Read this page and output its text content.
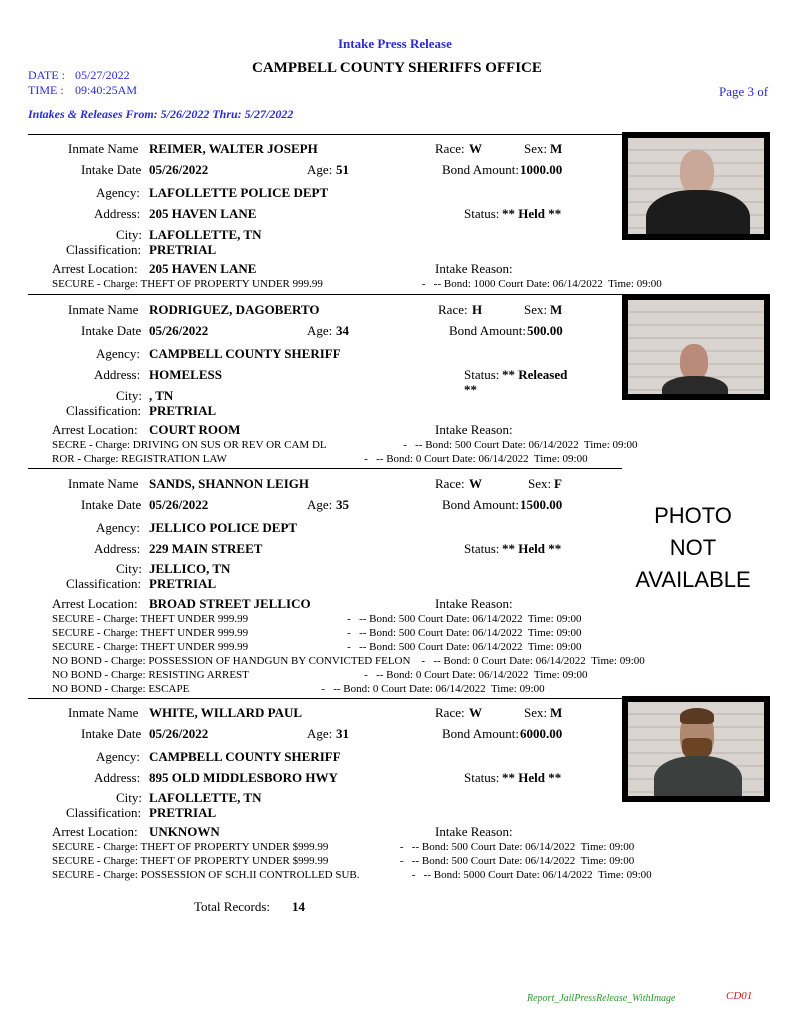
Intake Press Release
CAMPBELL COUNTY SHERIFFS OFFICE
DATE : 05/27/2022
TIME : 09:40:25AM	Page 3 of
Intakes & Releases From: 5/26/2022 Thru: 5/27/2022
Inmate Name REIMER, WALTER JOSEPH	Race: W	Sex: M
Intake Date 05/26/2022	Age: 51	Bond Amount: 1000.00
Agency: LAFOLLETTE POLICE DEPT
Address: 205 HAVEN LANE	Status: ** Held **
City: LAFOLLETTE, TN
Classification: PRETRIAL
Arrest Location: 205 HAVEN LANE	Intake Reason:
SECURE - Charge: THEFT OF PROPERTY UNDER 999.99                                    -   -- Bond: 1000 Court Date: 06/14/2022  Time: 09:00
Inmate Name RODRIGUEZ, DAGOBERTO	Race: H	Sex: M
Intake Date 05/26/2022	Age: 34	Bond Amount: 500.00
Agency: CAMPBELL COUNTY SHERIFF
Address: HOMELESS	Status: ** Released
**
City: , TN
Classification: PRETRIAL
Arrest Location: COURT ROOM	Intake Reason:
SECRE - Charge: DRIVING ON SUS OR REV OR CAM DL                            -   -- Bond: 500 Court Date: 06/14/2022  Time: 09:00
ROR - Charge: REGISTRATION LAW                                                  -   -- Bond: 0 Court Date: 06/14/2022  Time: 09:00
Inmate Name SANDS, SHANNON LEIGH	Race: W	Sex: F
Intake Date 05/26/2022	Age: 35	Bond Amount: 1500.00
Agency: JELLICO POLICE DEPT
Address: 229 MAIN STREET	Status: ** Held **
City: JELLICO, TN
Classification: PRETRIAL
Arrest Location: BROAD STREET JELLICO	Intake Reason:
SECURE - Charge: THEFT UNDER 999.99                                    -   -- Bond: 500 Court Date: 06/14/2022  Time: 09:00
SECURE - Charge: THEFT UNDER 999.99                                    -   -- Bond: 500 Court Date: 06/14/2022  Time: 09:00
SECURE - Charge: THEFT UNDER 999.99                                    -   -- Bond: 500 Court Date: 06/14/2022  Time: 09:00
NO BOND - Charge: POSSESSION OF HANDGUN BY CONVICTED FELON    -   -- Bond: 0 Court Date: 06/14/2022  Time: 09:00
NO BOND - Charge: RESISTING ARREST                                          -   -- Bond: 0 Court Date: 06/14/2022  Time: 09:00
NO BOND - Charge: ESCAPE                                                -   -- Bond: 0 Court Date: 06/14/2022  Time: 09:00
PHOTO
NOT
AVAILABLE
Inmate Name WHITE, WILLARD PAUL	Race: W	Sex: M
Intake Date 05/26/2022	Age: 31	Bond Amount: 6000.00
Agency: CAMPBELL COUNTY SHERIFF
Address: 895 OLD MIDDLESBORO HWY	Status: ** Held **
City: LAFOLLETTE, TN
Classification: PRETRIAL
Arrest Location: UNKNOWN	Intake Reason:
SECURE - Charge: THEFT OF PROPERTY UNDER $999.99                          -   -- Bond: 500 Court Date: 06/14/2022  Time: 09:00
SECURE - Charge: THEFT OF PROPERTY UNDER $999.99                          -   -- Bond: 500 Court Date: 06/14/2022  Time: 09:00
SECURE - Charge: POSSESSION OF SCH.II CONTROLLED SUB.                   -   -- Bond: 5000 Court Date: 06/14/2022  Time: 09:00
Total Records: 14
Report_JailPressRelease_WithImage	CD01
